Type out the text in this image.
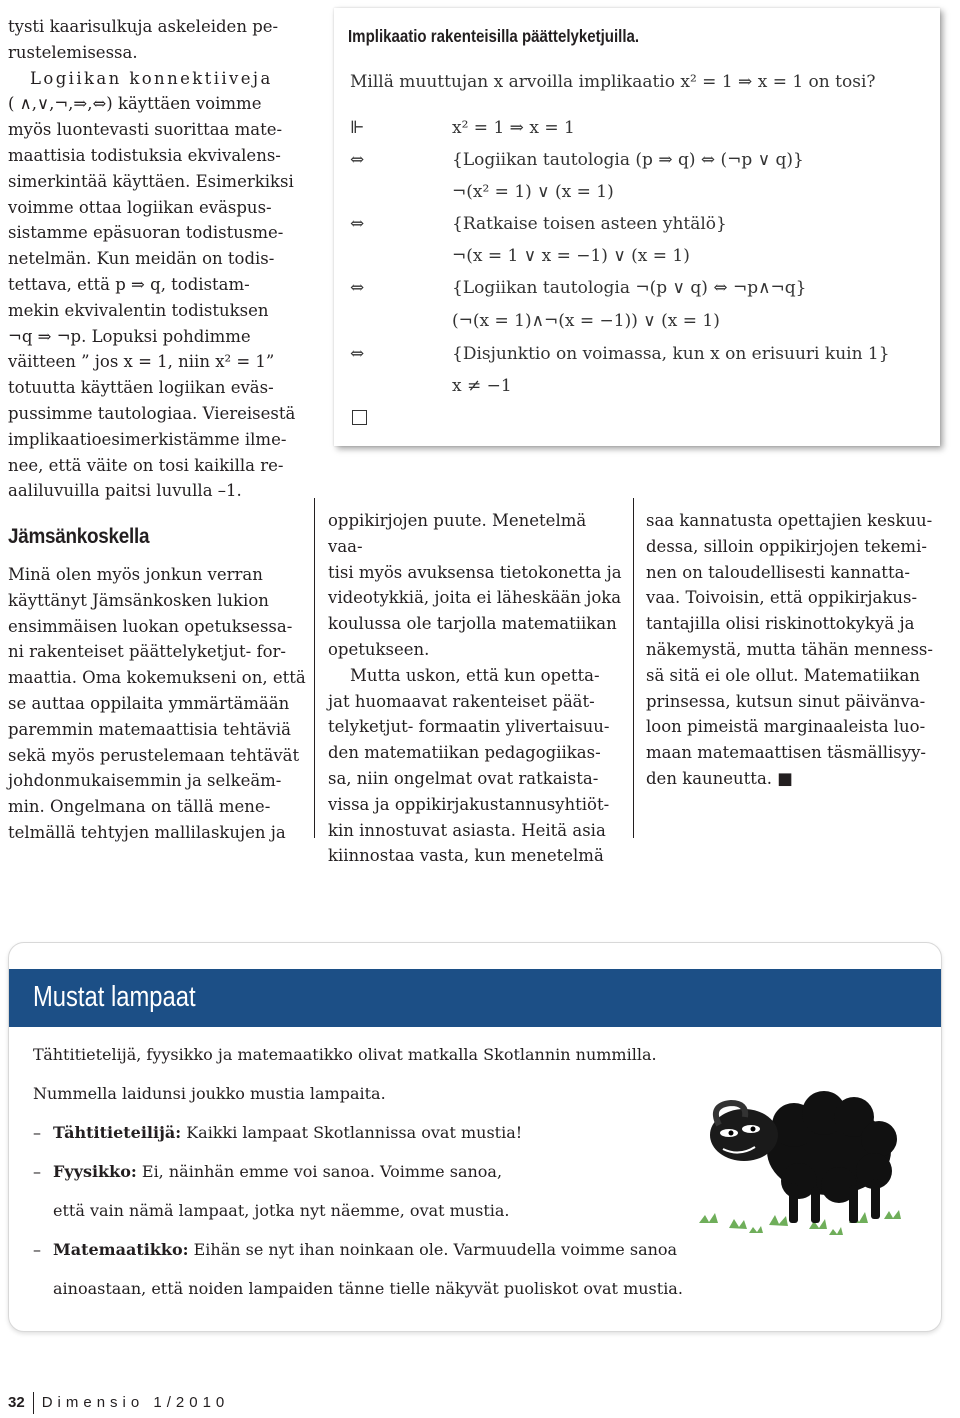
tysti kaarisulkuja askeleiden pe-

rustelemisessa.

Logiikan konnektiiveja

( ∧,∨,¬,⇒,⇔) käyttäen voimme

myös luontevasti suorittaa mate-

maattisia todistuksia ekvivalens-

simerkintää käyttäen. Esimerkiksi

voimme ottaa logiikan eväspus-

sistamme epäsuoran todistusme-

netelmän. Kun meidän on todis-

tettava, että p ⇒ q, todistam-

mekin ekvivalentin todistuksen

¬q ⇒ ¬p. Lopuksi pohdimme

väitteen ” jos x = 1, niin x² = 1”

totuutta käyttäen logiikan eväs-

pussimme tautologiaa. Viereisestä

implikaatioesimerkistämme ilme-

nee, että väite on tosi kaikilla re-

aaliluvuilla paitsi luvulla –1.

Jämsänkoskella

Minä olen myös jonkun verran

käyttänyt Jämsänkosken lukion

ensimmäisen luokan opetuksessa-

ni rakenteiset päättelyketjut- for-

maattia. Oma kokemukseni on, että

se auttaa oppilaita ymmärtämään

paremmin matemaattisia tehtäviä

sekä myös perustelemaan tehtävät

johdonmukaisemmin ja selkeäm-

min. Ongelmana on tällä mene-

telmällä tehtyjen mallilaskujen ja

Implikaatio rakenteisilla päättelyketjuilla.
Millä muuttujan x arvoilla implikaatio x² = 1 ⇒ x = 1 on tosi?
⊩	x² = 1 ⇒ x = 1
⇔	{Logiikan tautologia (p ⇒ q) ⇔ (¬p ∨ q)}
¬(x² = 1) ∨ (x = 1)
⇔	{Ratkaise toisen asteen yhtälö}
¬(x = 1 ∨ x = −1) ∨ (x = 1)
⇔	{Logiikan tautologia ¬(p ∨ q) ⇔ ¬p∧¬q}
(¬(x = 1)∧¬(x = −1)) ∨ (x = 1)
⇔	{Disjunktio on voimassa, kun x on erisuuri kuin 1}
x ≠ −1

oppikirjojen puute. Menetelmä vaa-

tisi myös avuksensa tietokonetta ja

videotykkiä, joita ei läheskään joka

koulussa ole tarjolla matematiikan

opetukseen.

Mutta uskon, että kun opetta-

jat huomaavat rakenteiset päät-

telyketjut- formaatin ylivertaisuu-

den matematiikan pedagogiikas-

sa, niin ongelmat ovat ratkaista-

vissa ja oppikirjakustannusyhtiöt-

kin innostuvat asiasta. Heitä asia

kiinnostaa vasta, kun menetelmä

saa kannatusta opettajien keskuu-

dessa, silloin oppikirjojen tekemi-

nen on taloudellisesti kannatta-

vaa. Toivoisin, että oppikirjakus-

tantajilla olisi riskinottokykyä ja

näkemystä, mutta tähän menness-

sä sitä ei ole ollut. Matematiikan

prinsessa, kutsun sinut päivänva-

loon pimeistä marginaaleista luo-

maan matemaattisen täsmällisyy-

den kauneutta. ■

Mustat lampaat
Tähtitietelijä, fyysikko ja matemaatikko olivat matkalla Skotlannin nummilla.
Nummella laidunsi joukko mustia lampaita.
– Tähtitieteilijä: Kaikki lampaat Skotlannissa ovat mustia!
– Fyysikko: Ei, näinhän emme voi sanoa. Voimme sanoa,
että vain nämä lampaat, jotka nyt näemme, ovat mustia.
– Matemaatikko: Eihän se nyt ihan noinkaan ole. Varmuudella voimme sanoa
ainoastaan, että noiden lampaiden tänne tielle näkyvät puoliskot ovat mustia.
32 Dimensio 1/2010
